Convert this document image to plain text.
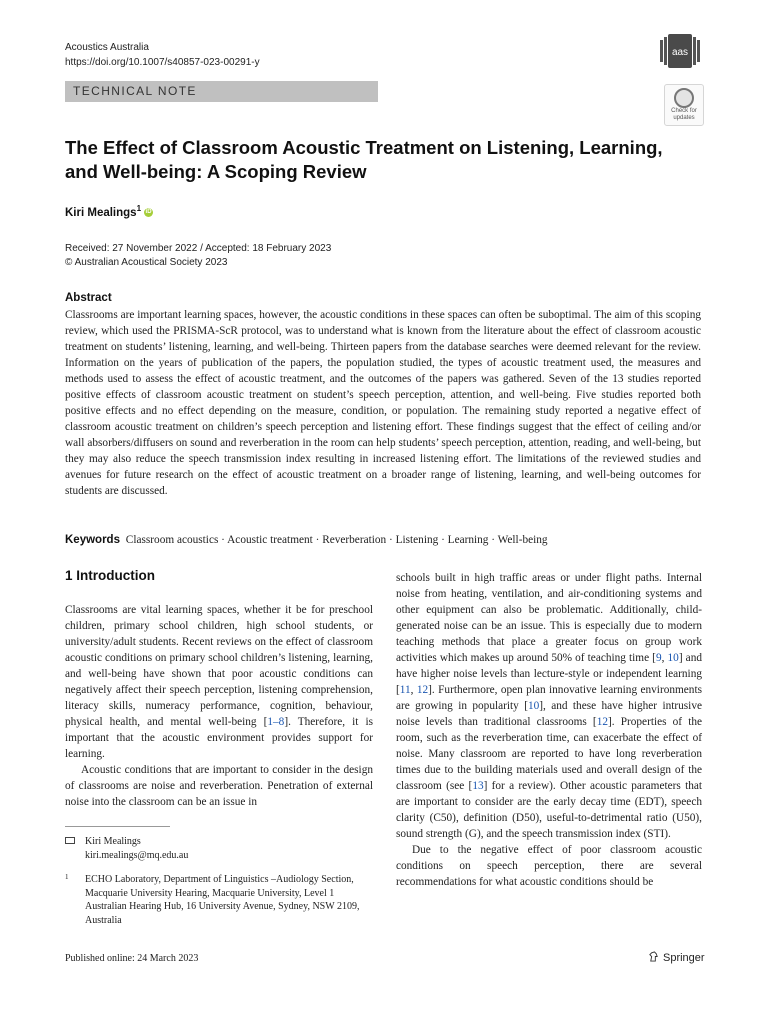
Acoustics Australia
https://doi.org/10.1007/s40857-023-00291-y
aas
TECHNICAL NOTE
Check for updates
The Effect of Classroom Acoustic Treatment on Listening, Learning,
and Well-being: A Scoping Review
Kiri Mealings$^1$ iD
Received: 27 November 2022 / Accepted: 18 February 2023
© Australian Acoustical Society 2023
Abstract
Classrooms are important learning spaces, however, the acoustic conditions in these spaces can often be suboptimal. The aim of this scoping review, which used the PRISMA-ScR protocol, was to understand what is known from the literature about the effect of classroom acoustic treatment on students’ listening, learning, and well-being. Thirteen papers from the database searches were deemed relevant for the review. Information on the years of publication of the papers, the population studied, the types of acoustic treatment used, the measures and methods used to assess the effect of acoustic treatment, and the outcomes of the papers was gathered. Seven of the 13 studies reported positive effects of classroom acoustic treatment on student’s speech perception, attention, and well-being. Five studies reported both positive effects and no effect depending on the measure, condition, or population. The remaining study reported a negative effect of classroom acoustic treatment on children’s speech perception and listening effort. These findings suggest that the effect of ceiling and/or wall absorbers/diffusers on sound and reverberation in the room can help students’ speech perception, attention, reading, and well-being, but they may also reduce the speech transmission index resulting in increased listening effort. The limitations of the reviewed studies and avenues for future research on the effect of acoustic treatment on a broader range of listening, learning, and well-being outcomes for students are discussed.
Keywords Classroom acoustics · Acoustic treatment · Reverberation · Listening · Learning · Well-being
1 Introduction

Classrooms are vital learning spaces, whether it be for preschool children, primary school children, high school students, or university/adult students. Recent reviews on the effect of classroom acoustic conditions on primary school children’s listening, learning, and well-being have shown that poor acoustic conditions can negatively affect their speech perception, listening comprehension, literacy skills, numeracy performance, cognition, behaviour, physical health, and mental well-being [1–8]. Therefore, it is important that the acoustic environment provides support for learning.

Acoustic conditions that are important to consider in the design of classrooms are noise and reverberation. Penetration of external noise into the classroom can be an issue in

schools built in high traffic areas or under flight paths. Internal noise from heating, ventilation, and air-conditioning systems and other equipment can also be problematic. Additionally, child-generated noise can be an issue. This is especially due to modern teaching methods that place a greater focus on group work activities which makes up around 50% of teaching time [9, 10] and have higher noise levels than lecture-style or independent learning [11, 12]. Furthermore, open plan innovative learning environments are growing in popularity [10], and these have higher intrusive noise levels than traditional classrooms [12]. Properties of the room, such as the reverberation time, can exacerbate the effect of noise. Many classroom are reported to have long reverberation times due to the building materials used and overall design of the classroom (see [13] for a review). Other acoustic parameters that are important to consider are the early decay time (EDT), speech clarity (C50), definition (D50), useful-to-detrimental ratio (U50), sound strength (G), and the speech transmission index (STI).

Due to the negative effect of poor classroom acoustic conditions on speech perception, there are several recommendations for what acoustic conditions should be

Kiri Mealings
kiri.mealings@mq.edu.au
1 ECHO Laboratory, Department of Linguistics –Audiology Section, Macquarie University Hearing, Macquarie University, Level 1 Australian Hearing Hub, 16 University Avenue, Sydney, NSW 2109, Australia
Published online: 24 March 2023	Springer
